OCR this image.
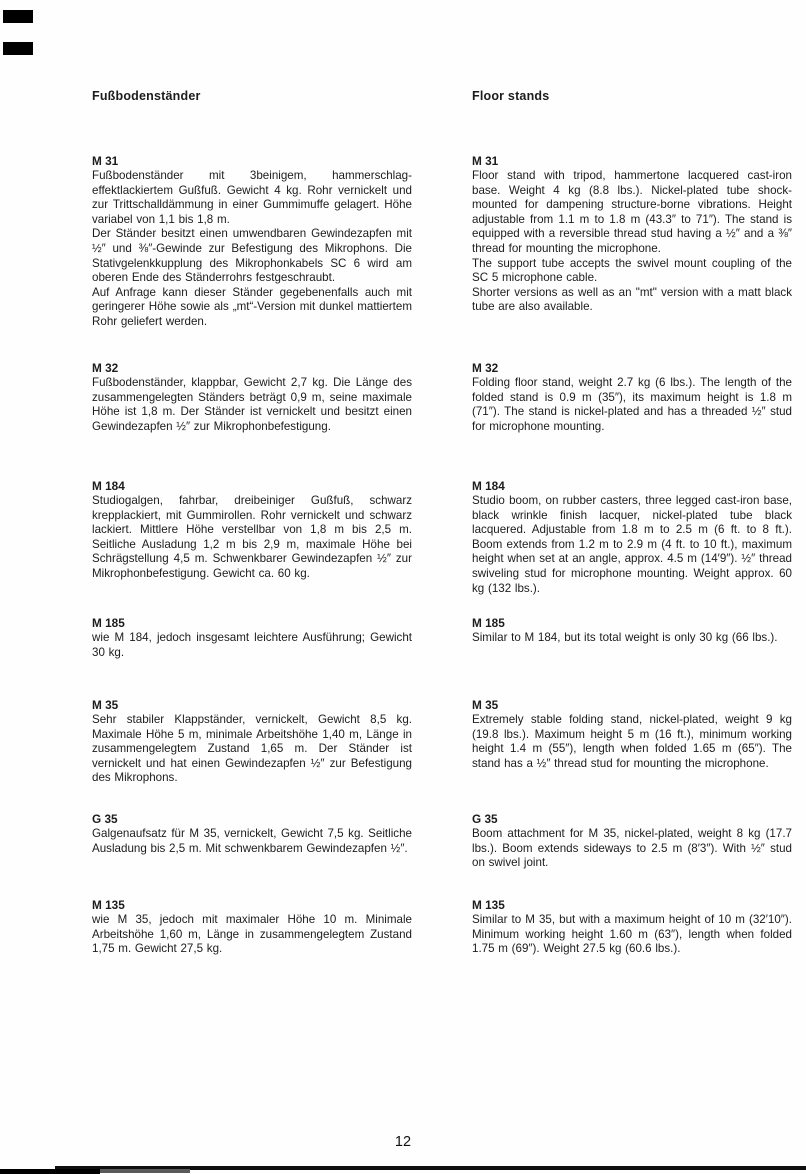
Fußbodenständer	Floor stands
M 31

Fußbodenständer mit 3beinigem, hammerschlageffektlackiertem Gußfuß. Gewicht 4 kg. Rohr vernickelt und zur Trittschalldämmung in einer Gummimuffe gelagert. Höhe variabel von 1,1 bis 1,8 m.

Der Ständer besitzt einen umwendbaren Gewindezapfen mit ½″ und ⅜″-Gewinde zur Befestigung des Mikrophons. Die Stativgelenkkupplung des Mikrophonkabels SC 6 wird am oberen Ende des Ständerrohrs festgeschraubt.

Auf Anfrage kann dieser Ständer gegebenenfalls auch mit geringerer Höhe sowie als „mt“-Version mit dunkel mattiertem Rohr geliefert werden.

M 31

Floor stand with tripod, hammertone lacquered cast-iron base. Weight 4 kg (8.8 lbs.). Nickel-plated tube shock-mounted for dampening structure-borne vibrations. Height adjustable from 1.1 m to 1.8 m (43.3″ to 71″). The stand is equipped with a reversible thread stud having a ½″ and a ⅜″ thread for mounting the microphone.

The support tube accepts the swivel mount coupling of the SC 5 microphone cable.

Shorter versions as well as an "mt" version with a matt black tube are also available.

M 32

Fußbodenständer, klappbar, Gewicht 2,7 kg. Die Länge des zusammengelegten Ständers beträgt 0,9 m, seine maximale Höhe ist 1,8 m. Der Ständer ist vernickelt und besitzt einen Gewindezapfen ½″ zur Mikrophonbefestigung.

M 32

Folding floor stand, weight 2.7 kg (6 lbs.). The length of the folded stand is 0.9 m (35″), its maximum height is 1.8 m (71″). The stand is nickel-plated and has a threaded ½″ stud for microphone mounting.

M 184

Studiogalgen, fahrbar, dreibeiniger Gußfuß, schwarz krepplackiert, mit Gummirollen. Rohr vernickelt und schwarz lackiert. Mittlere Höhe verstellbar von 1,8 m bis 2,5 m. Seitliche Ausladung 1,2 m bis 2,9 m, maximale Höhe bei Schrägstellung 4,5 m. Schwenkbarer Gewindezapfen ½″ zur Mikrophonbefestigung. Gewicht ca. 60 kg.

M 184

Studio boom, on rubber casters, three legged cast-iron base, black wrinkle finish lacquer, nickel-plated tube black lacquered. Adjustable from 1.8 m to 2.5 m (6 ft. to 8 ft.). Boom extends from 1.2 m to 2.9 m (4 ft. to 10 ft.), maximum height when set at an angle, approx. 4.5 m (14′9″). ½″ thread swiveling stud for microphone mounting. Weight approx. 60 kg (132 lbs.).

M 185

wie M 184, jedoch insgesamt leichtere Ausführung; Gewicht 30 kg.

M 185

Similar to M 184, but its total weight is only 30 kg (66 lbs.).

M 35

Sehr stabiler Klappständer, vernickelt, Gewicht 8,5 kg. Maximale Höhe 5 m, minimale Arbeitshöhe 1,40 m, Länge in zusammengelegtem Zustand 1,65 m. Der Ständer ist vernickelt und hat einen Gewindezapfen ½″ zur Befestigung des Mikrophons.

M 35

Extremely stable folding stand, nickel-plated, weight 9 kg (19.8 lbs.). Maximum height 5 m (16 ft.), minimum working height 1.4 m (55″), length when folded 1.65 m (65″). The stand has a ½″ thread stud for mounting the microphone.

G 35

Galgenaufsatz für M 35, vernickelt, Gewicht 7,5 kg. Seitliche Ausladung bis 2,5 m. Mit schwenkbarem Gewindezapfen ½″.

G 35

Boom attachment for M 35, nickel-plated, weight 8 kg (17.7 lbs.). Boom extends sideways to 2.5 m (8′3″). With ½″ stud on swivel joint.

M 135

wie M 35, jedoch mit maximaler Höhe 10 m. Minimale Arbeitshöhe 1,60 m, Länge in zusammengelegtem Zustand 1,75 m. Gewicht 27,5 kg.

M 135

Similar to M 35, but with a maximum height of 10 m (32′10″). Minimum working height 1.60 m (63″), length when folded 1.75 m (69″). Weight 27.5 kg (60.6 lbs.).

12
